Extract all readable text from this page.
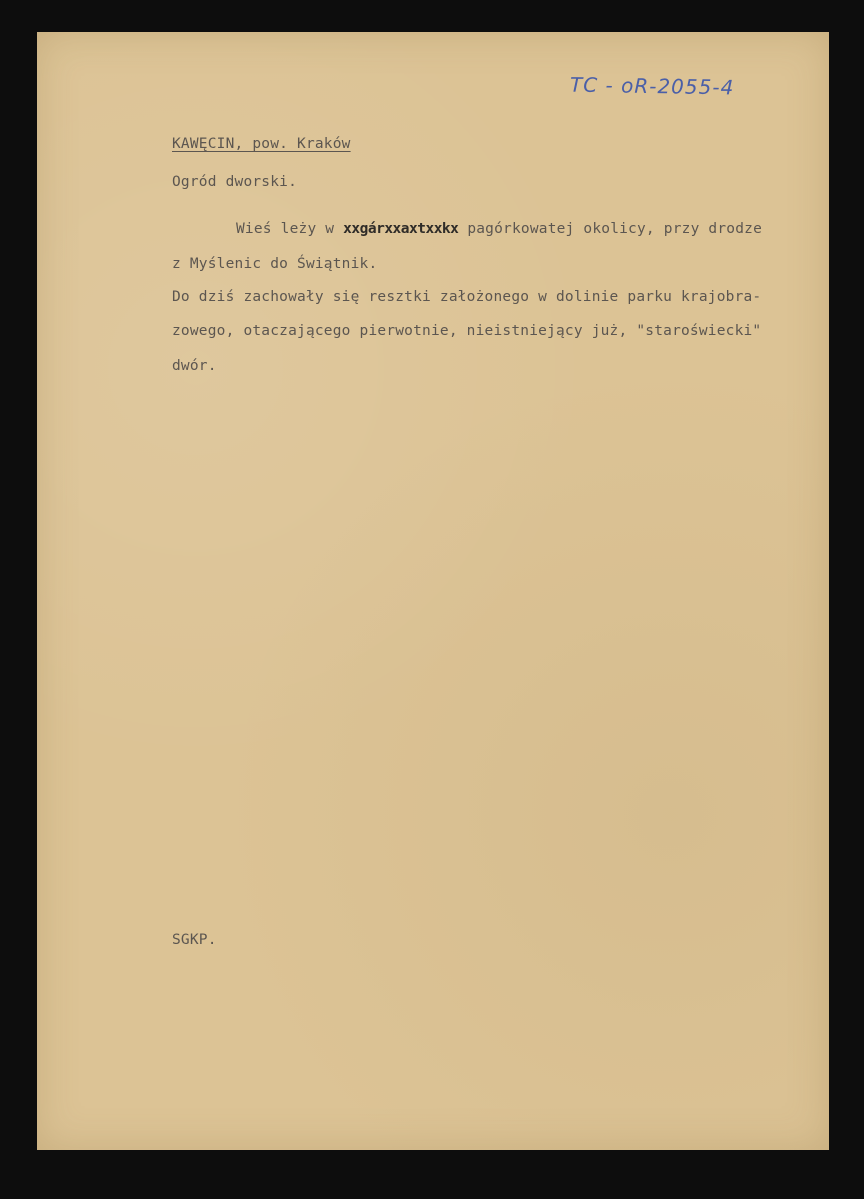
TC - oR-2055-4
KAWĘCIN, pow. Kraków
Ogród dworski.
Wieś leży w xxgárxxaxtxxkx pagórkowatej okolicy, przy drodze
z Myślenic do Świątnik.
Do dziś zachowały się resztki założonego w dolinie parku krajobra-
zowego, otaczającego pierwotnie, nieistniejący już, "staroświecki"
dwór.
SGKP.
